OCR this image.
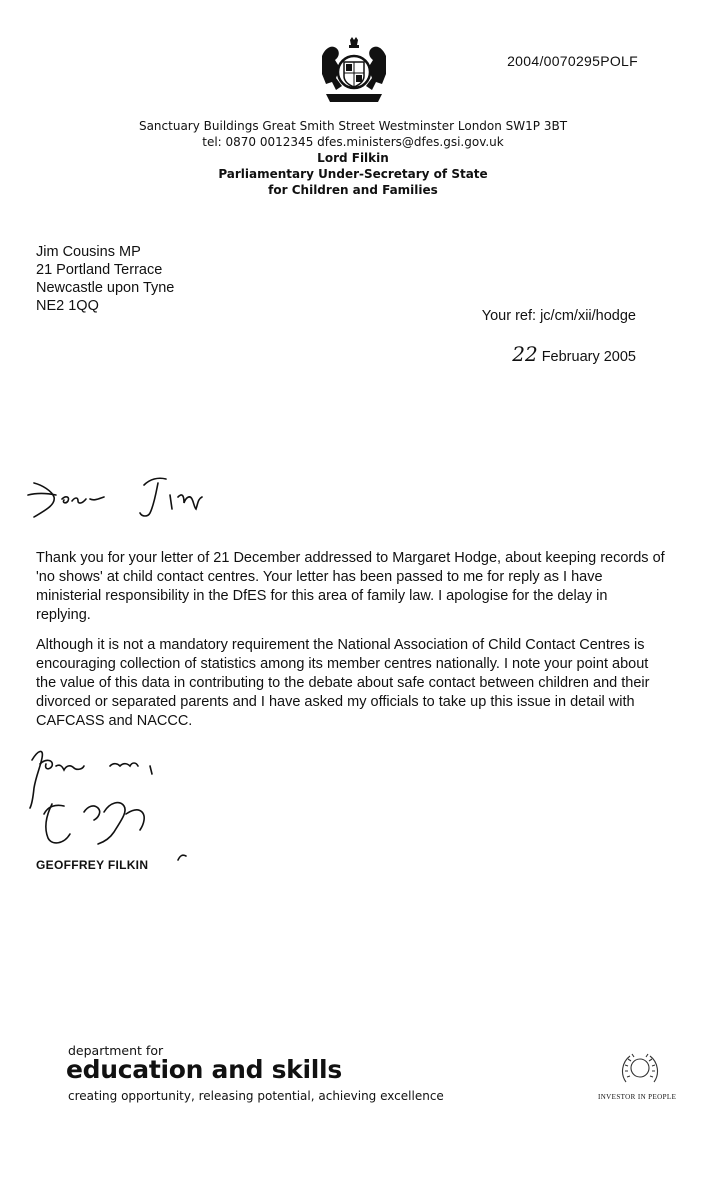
2004/0070295POLF
Sanctuary Buildings Great Smith Street Westminster London SW1P 3BT
tel: 0870 0012345 dfes.ministers@dfes.gsi.gov.uk
Lord Filkin
Parliamentary Under-Secretary of State
for Children and Families
Jim Cousins MP
21 Portland Terrace
Newcastle upon Tyne
NE2 1QQ
Your ref: jc/cm/xii/hodge
22 February 2005

Thank you for your letter of 21 December addressed to Margaret Hodge, about keeping records of 'no shows' at child contact centres. Your letter has been passed to me for reply as I have ministerial responsibility in the DfES for this area of family law. I apologise for the delay in replying.

Although it is not a mandatory requirement the National Association of Child Contact Centres is encouraging collection of statistics among its member centres nationally. I note your point about the value of this data in contributing to the debate about safe contact between children and their divorced or separated parents and I have asked my officials to take up this issue in detail with CAFCASS and NACCC.

GEOFFREY FILKIN
department for
education and skills
creating opportunity, releasing potential, achieving excellence	INVESTOR IN PEOPLE
